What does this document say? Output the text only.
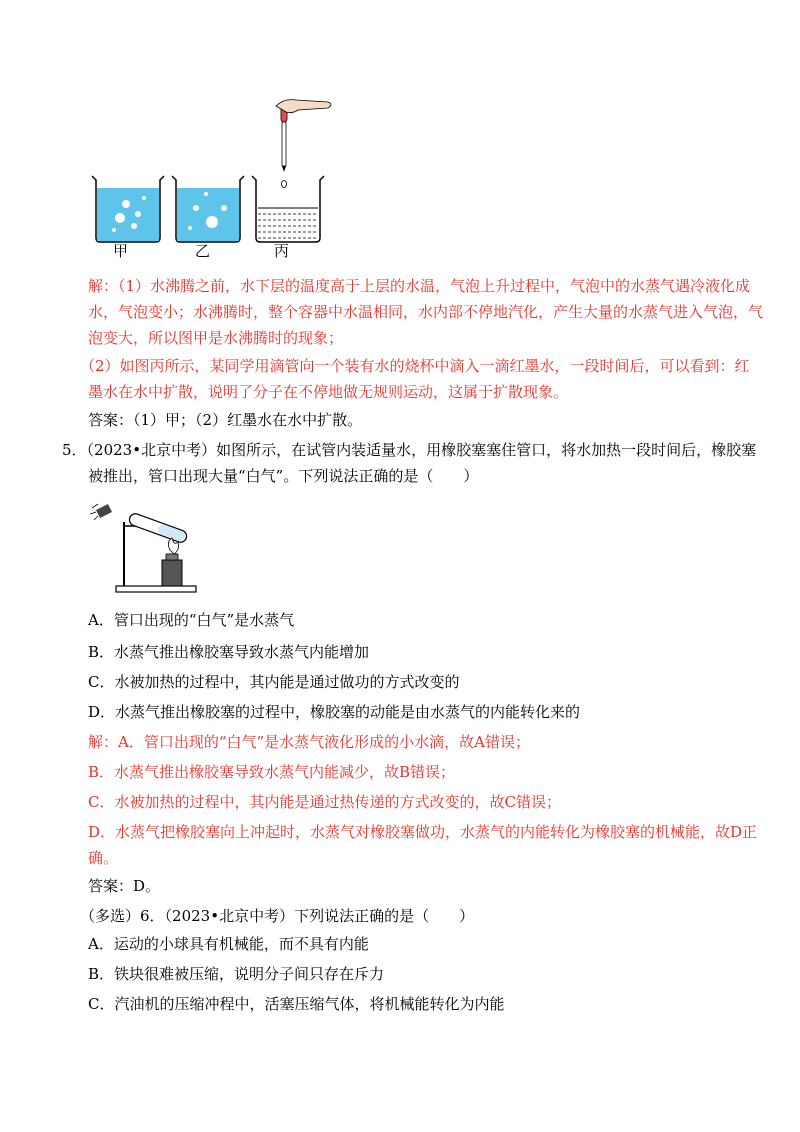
甲	乙	丙
解：（1）水沸腾之前，水下层的温度高于上层的水温，气泡上升过程中，气泡中的水蒸气遇冷液化成
水，气泡变小；水沸腾时，整个容器中水温相同，水内部不停地汽化，产生大量的水蒸气进入气泡，气
泡变大，所以图甲是水沸腾时的现象；
（2）如图丙所示，某同学用滴管向一个装有水的烧杯中滴入一滴红墨水，一段时间后，可以看到：红
墨水在水中扩散，说明了分子在不停地做无规则运动，这属于扩散现象。
答案：（1）甲；（2）红墨水在水中扩散。
5．（2023•北京中考）如图所示，在试管内装适量水，用橡胶塞塞住管口，将水加热一段时间后，橡胶塞
被推出，管口出现大量“白气”。下列说法正确的是（　　）
A．管口出现的“白气”是水蒸气
B．水蒸气推出橡胶塞导致水蒸气内能增加
C．水被加热的过程中，其内能是通过做功的方式改变的
D．水蒸气推出橡胶塞的过程中，橡胶塞的动能是由水蒸气的内能转化来的
解：A．管口出现的“白气”是水蒸气液化形成的小水滴，故A错误；
B．水蒸气推出橡胶塞导致水蒸气内能减少，故B错误；
C．水被加热的过程中，其内能是通过热传递的方式改变的，故C错误；
D．水蒸气把橡胶塞向上冲起时，水蒸气对橡胶塞做功，水蒸气的内能转化为橡胶塞的机械能，故D正
确。
答案：D。
（多选）6．（2023•北京中考）下列说法正确的是（　　）
A．运动的小球具有机械能，而不具有内能
B．铁块很难被压缩，说明分子间只存在斥力
C．汽油机的压缩冲程中，活塞压缩气体，将机械能转化为内能
